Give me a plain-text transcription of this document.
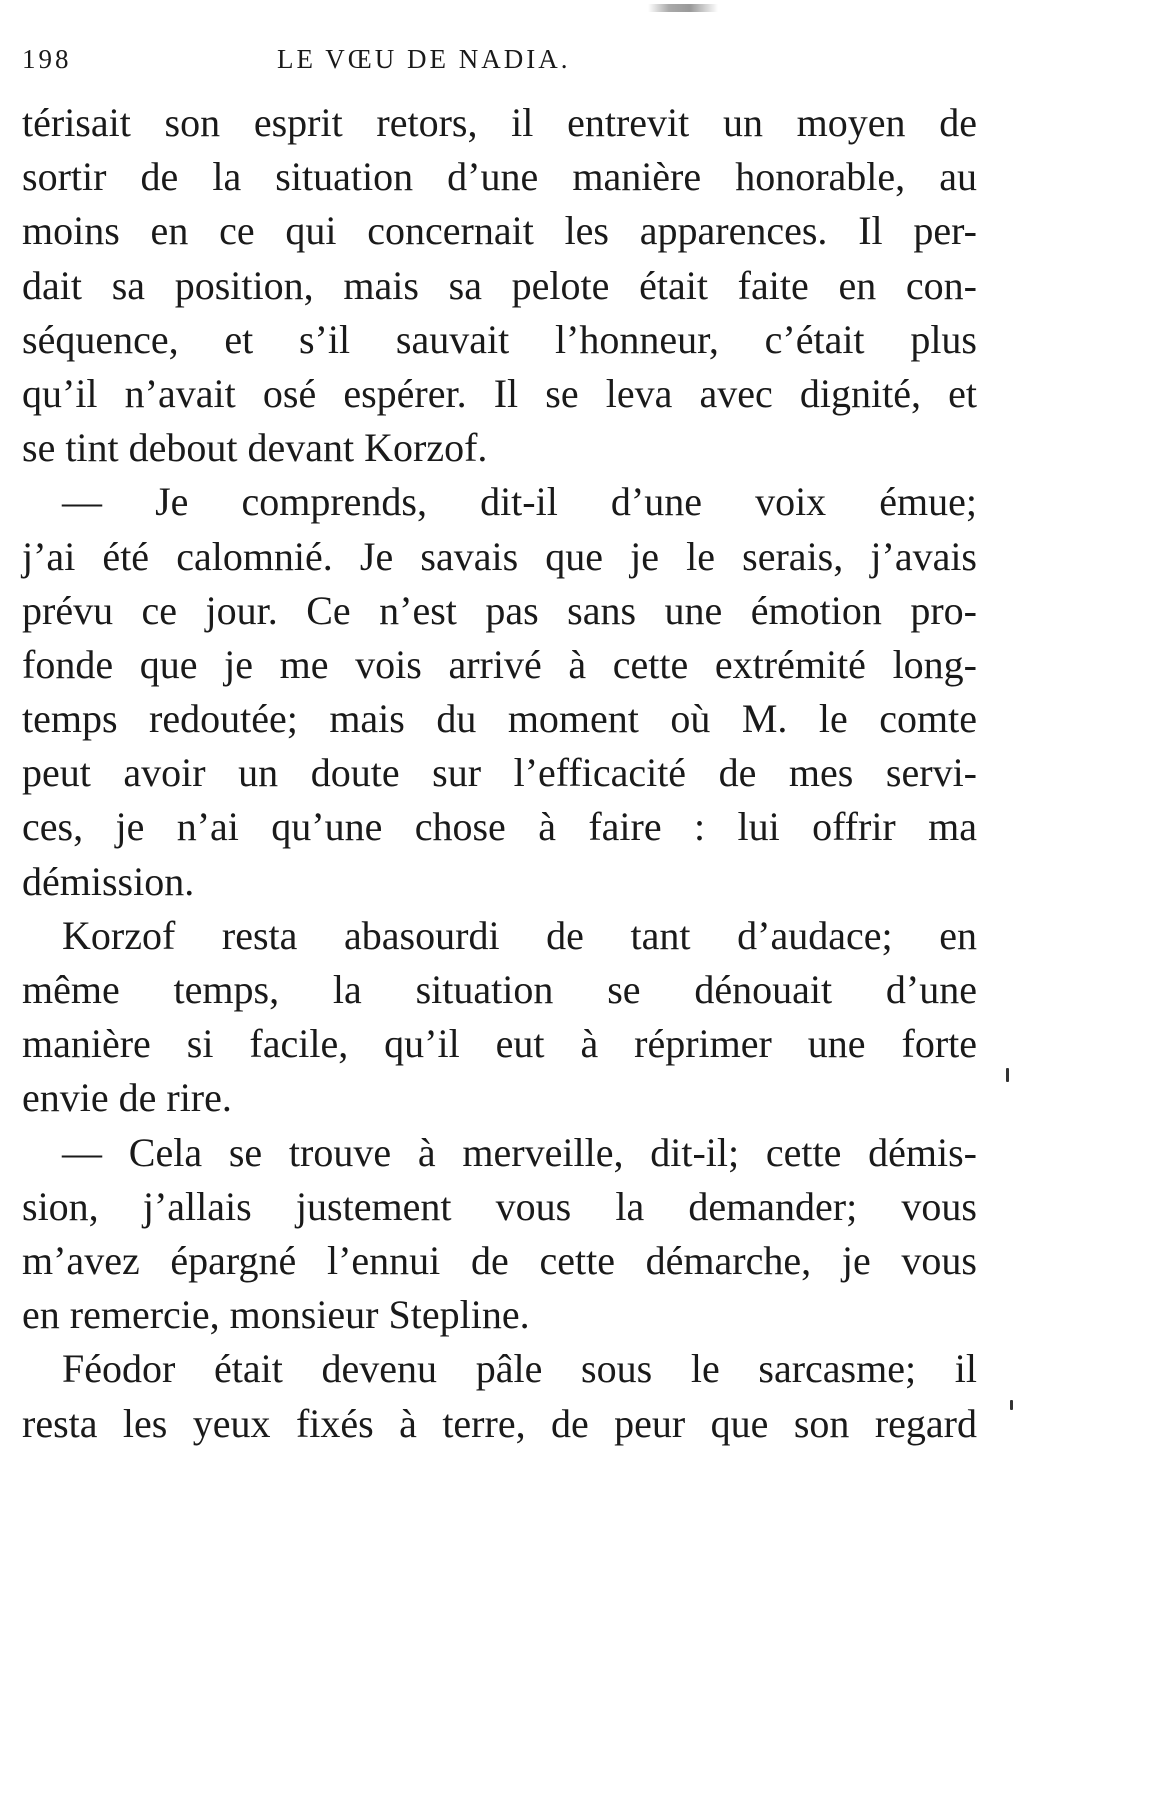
198	LE VŒU DE NADIA.
térisait son esprit retors, il entrevit un moyen de
sortir de la situation d’une manière honorable, au
moins en ce qui concernait les apparences. Il per-
dait sa position, mais sa pelote était faite en con-
séquence, et s’il sauvait l’honneur, c’était plus
qu’il n’avait osé espérer. Il se leva avec dignité, et
se tint debout devant Korzof.
— Je comprends, dit-il d’une voix émue;
j’ai été calomnié. Je savais que je le serais, j’avais
prévu ce jour. Ce n’est pas sans une émotion pro-
fonde que je me vois arrivé à cette extrémité long-
temps redoutée; mais du moment où M. le comte
peut avoir un doute sur l’efficacité de mes servi-
ces, je n’ai qu’une chose à faire : lui offrir ma
démission.
Korzof resta abasourdi de tant d’audace; en
même temps, la situation se dénouait d’une
manière si facile, qu’il eut à réprimer une forte
envie de rire.
— Cela se trouve à merveille, dit-il; cette démis-
sion, j’allais justement vous la demander; vous
m’avez épargné l’ennui de cette démarche, je vous
en remercie, monsieur Stepline.
Féodor était devenu pâle sous le sarcasme; il
resta les yeux fixés à terre, de peur que son regard
